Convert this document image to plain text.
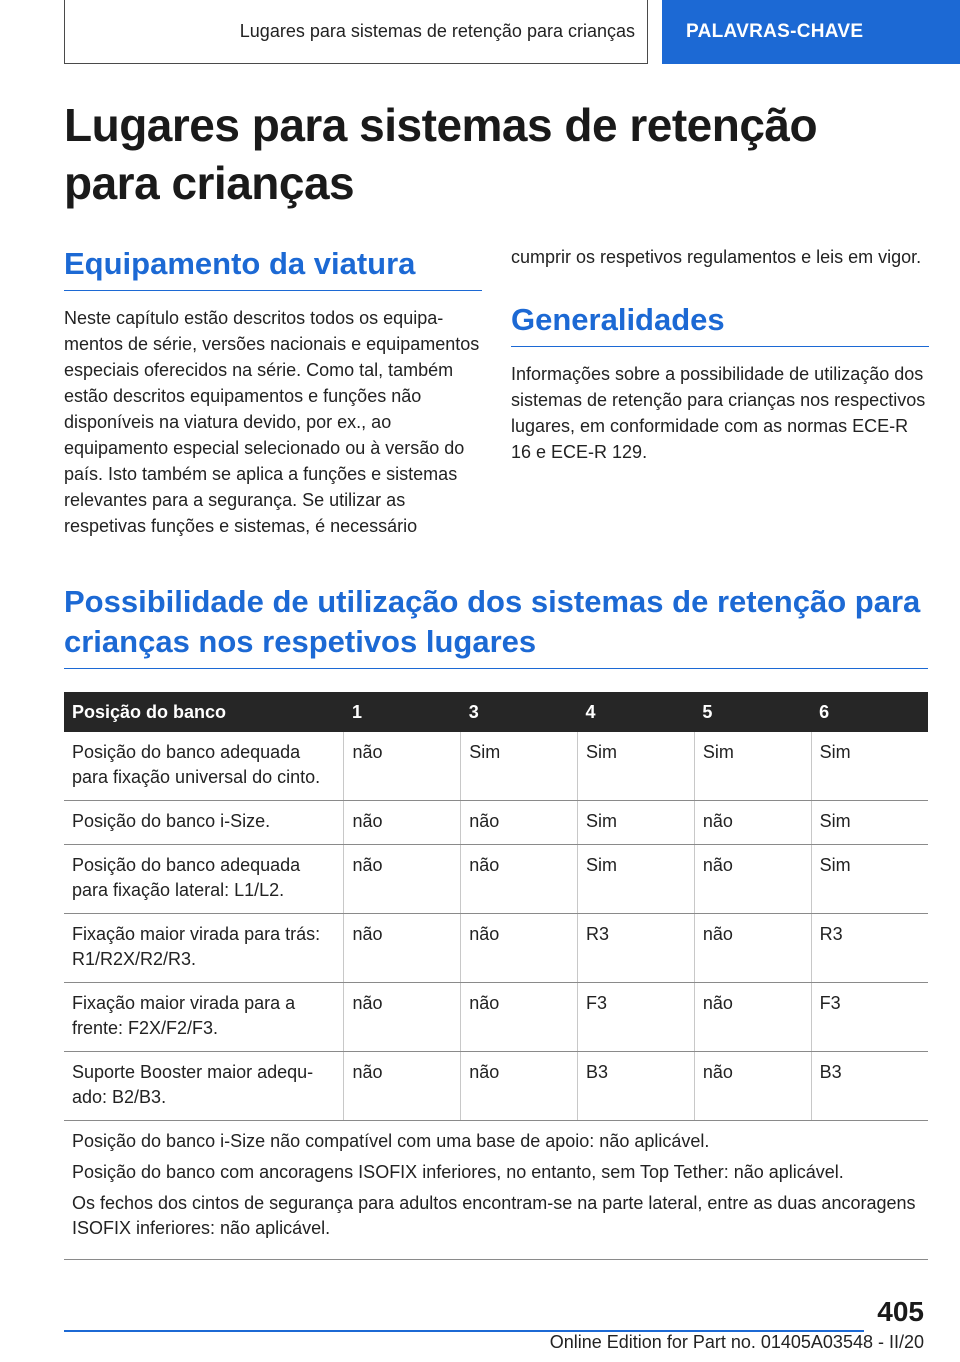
Lugares para sistemas de retenção para crianças	PALAVRAS-CHAVE
Lugares para sistemas de retenção para crianças
Equipamento da viatura

Neste capítulo estão descritos todos os equipamentos de série, versões nacionais e equipamentos especiais oferecidos na série. Como tal, também estão descritos equipamentos e funções não disponíveis na viatura devido, por ex., ao equipamento especial selecionado ou à versão do país. Isto também se aplica a funções e sistemas relevantes para a segurança. Se utilizar as respetivas funções e sistemas, é necessário

cumprir os respetivos regulamentos e leis em vigor.

Generalidades

Informações sobre a possibilidade de utilização dos sistemas de retenção para crianças nos respectivos lugares, em conformidade com as normas ECE-R 16 e ECE-R 129.

Possibilidade de utilização dos sistemas de retenção para crianças nos respetivos lugares
Posição do banco	1	3	4	5	6
Posição do banco adequada para fixação universal do cinto.	não	Sim	Sim	Sim	Sim
Posição do banco i-Size.	não	não	Sim	não	Sim
Posição do banco adequada para fixação lateral: L1/L2.	não	não	Sim	não	Sim
Fixação maior virada para trás: R1/R2X/R2/R3.	não	não	R3	não	R3
Fixação maior virada para a frente: F2X/F2/F3.	não	não	F3	não	F3
Suporte Booster maior adequado: B2/B3.	não	não	B3	não	B3

Posição do banco i-Size não compatível com uma base de apoio: não aplicável.

Posição do banco com ancoragens ISOFIX inferiores, no entanto, sem Top Tether: não aplicável.

Os fechos dos cintos de segurança para adultos encontram-se na parte lateral, entre as duas ancoragens ISOFIX inferiores: não aplicável.					

405
Online Edition for Part no. 01405A03548 - II/20
